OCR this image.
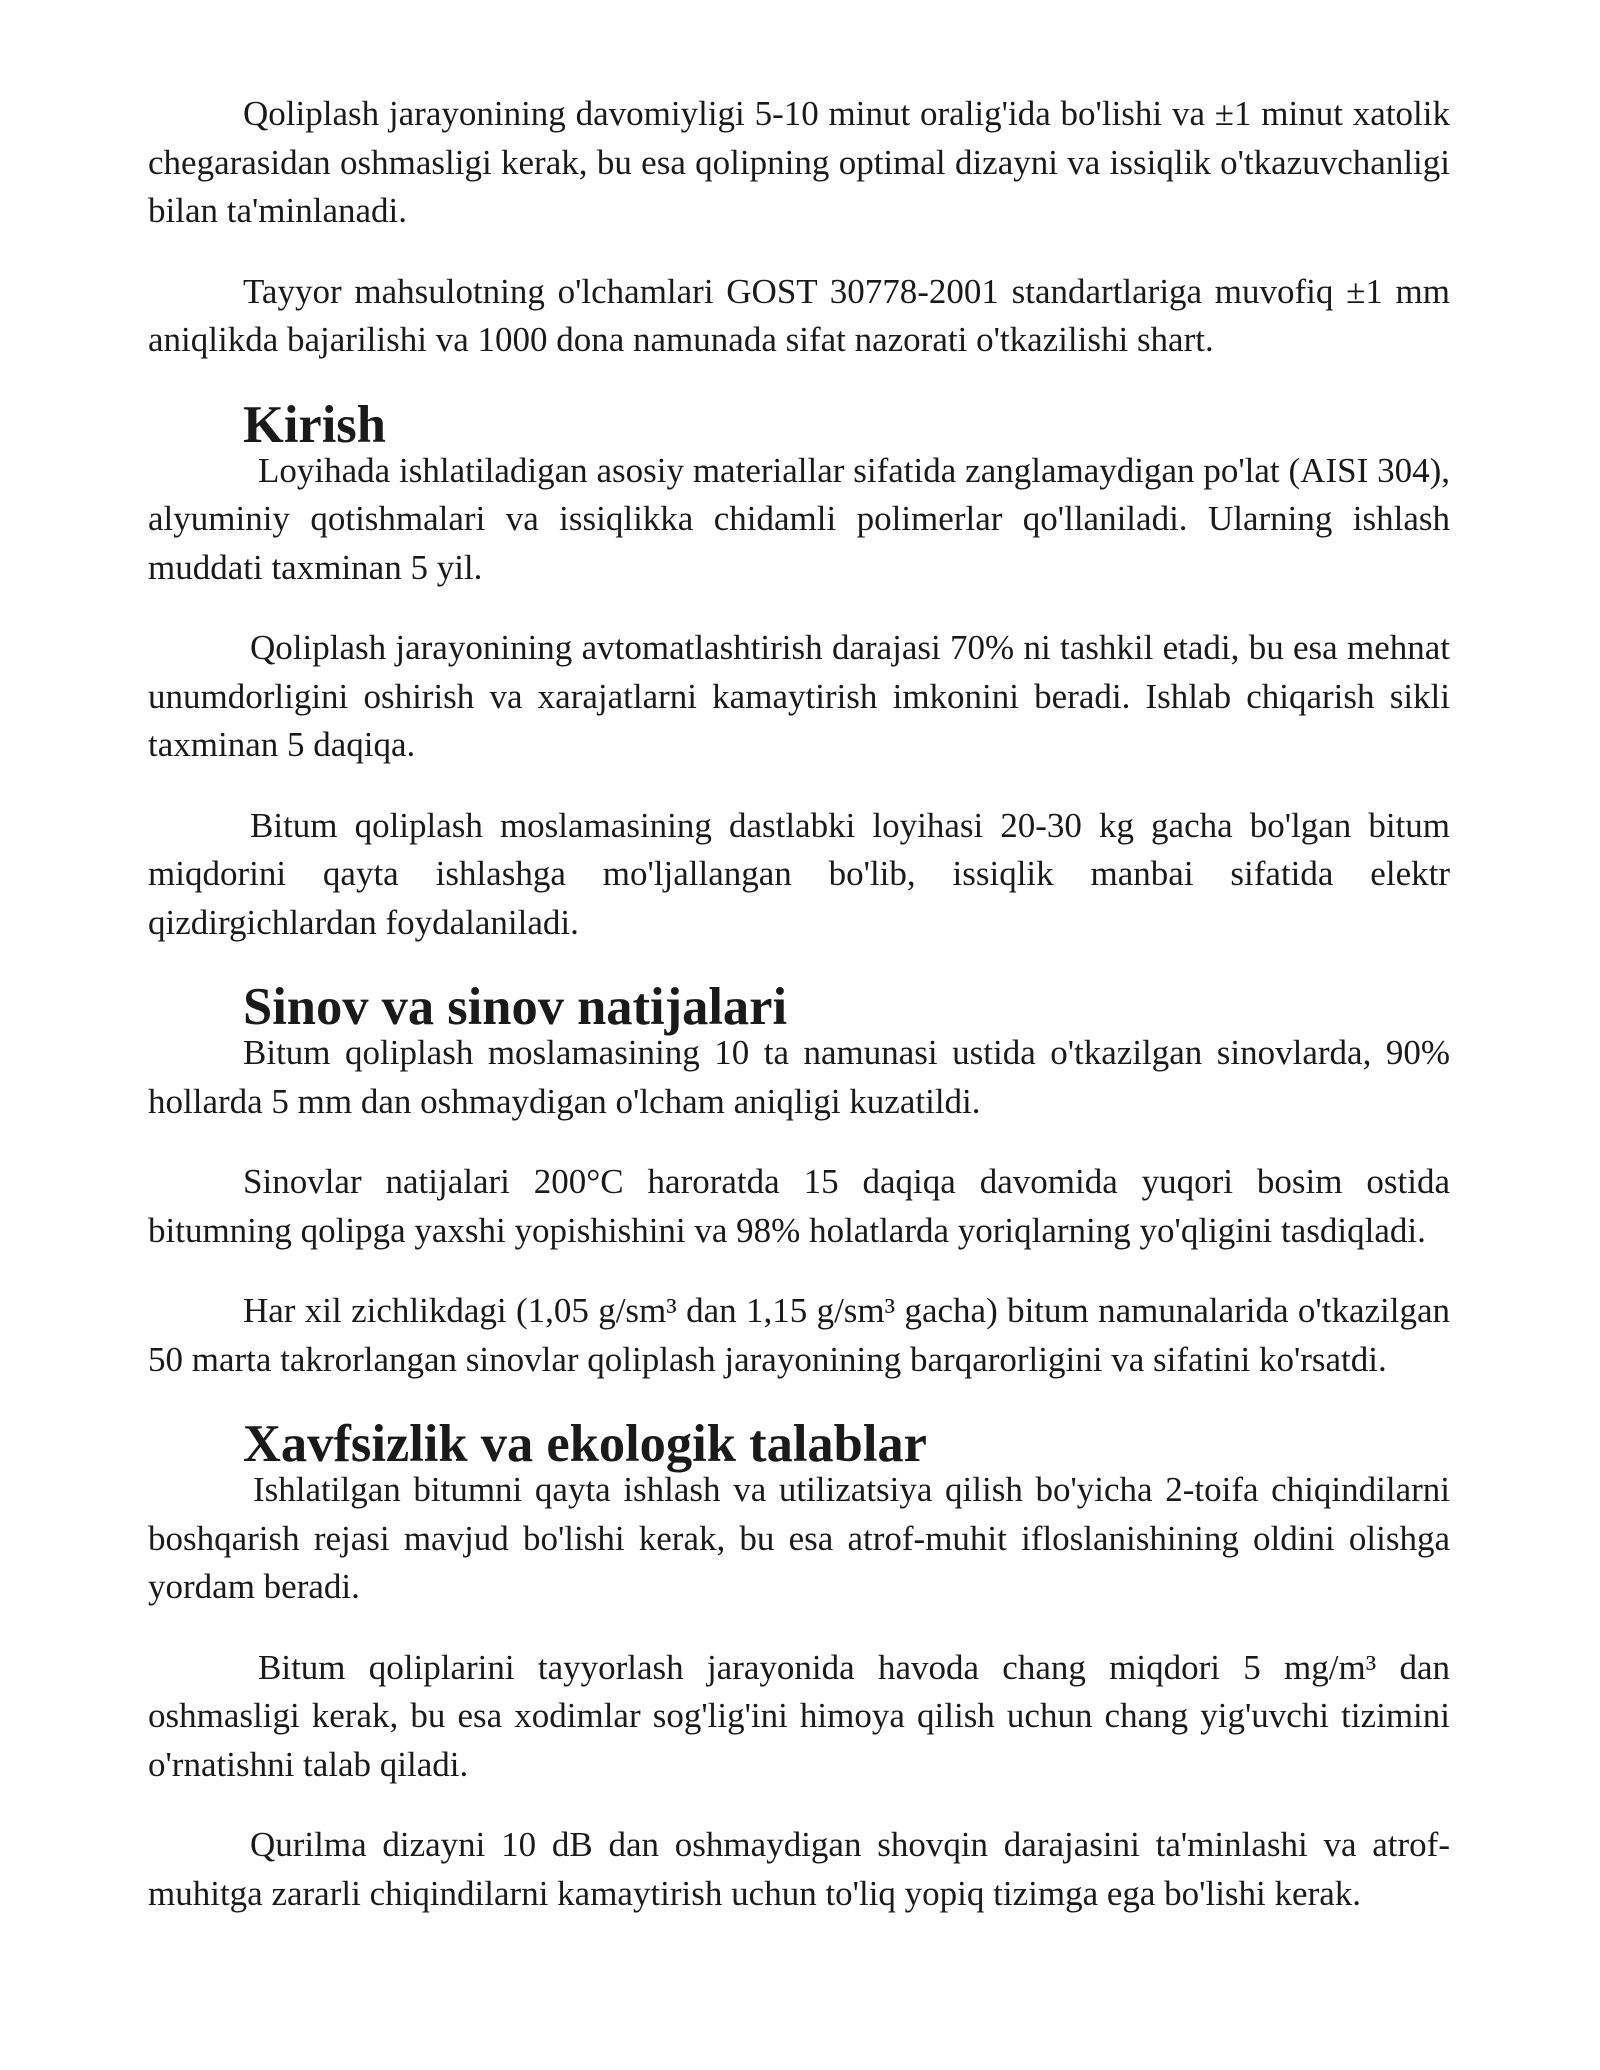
Qoliplash jarayonining davomiyligi 5-10 minut oralig'ida bo'lishi va ±1 minut xatolik chegarasidan oshmasligi kerak, bu esa qolipning optimal dizayni va issiqlik o'tkazuvchanligi bilan ta'minlanadi.

Tayyor mahsulotning o'lchamlari GOST 30778-2001 standartlariga muvofiq ±1 mm aniqlikda bajarilishi va 1000 dona namunada sifat nazorati o'tkazilishi shart.

Kirish

Loyihada ishlatiladigan asosiy materiallar sifatida zanglamaydigan po'lat (AISI 304), alyuminiy qotishmalari va issiqlikka chidamli polimerlar qo'llaniladi. Ularning ishlash muddati taxminan 5 yil.

Qoliplash jarayonining avtomatlashtirish darajasi 70% ni tashkil etadi, bu esa mehnat unumdorligini oshirish va xarajatlarni kamaytirish imkonini beradi. Ishlab chiqarish sikli taxminan 5 daqiqa.

Bitum qoliplash moslamasining dastlabki loyihasi 20-30 kg gacha bo'lgan bitum miqdorini qayta ishlashga mo'ljallangan bo'lib, issiqlik manbai sifatida elektr qizdirgichlardan foydalaniladi.

Sinov va sinov natijalari

Bitum qoliplash moslamasining 10 ta namunasi ustida o'tkazilgan sinovlarda, 90% hollarda 5 mm dan oshmaydigan o'lcham aniqligi kuzatildi.

Sinovlar natijalari 200°C haroratda 15 daqiqa davomida yuqori bosim ostida bitumning qolipga yaxshi yopishishini va 98% holatlarda yoriqlarning yo'qligini tasdiqladi.

Har xil zichlikdagi (1,05 g/sm³ dan 1,15 g/sm³ gacha) bitum namunalarida o'tkazilgan 50 marta takrorlangan sinovlar qoliplash jarayonining barqarorligini va sifatini ko'rsatdi.

Xavfsizlik va ekologik talablar

Ishlatilgan bitumni qayta ishlash va utilizatsiya qilish bo'yicha 2-toifa chiqindilarni boshqarish rejasi mavjud bo'lishi kerak, bu esa atrof-muhit ifloslanishining oldini olishga yordam beradi.

Bitum qoliplarini tayyorlash jarayonida havoda chang miqdori 5 mg/m³ dan oshmasligi kerak, bu esa xodimlar sog'lig'ini himoya qilish uchun chang yig'uvchi tizimini o'rnatishni talab qiladi.

Qurilma dizayni 10 dB dan oshmaydigan shovqin darajasini ta'minlashi va atrof-muhitga zararli chiqindilarni kamaytirish uchun to'liq yopiq tizimga ega bo'lishi kerak.
